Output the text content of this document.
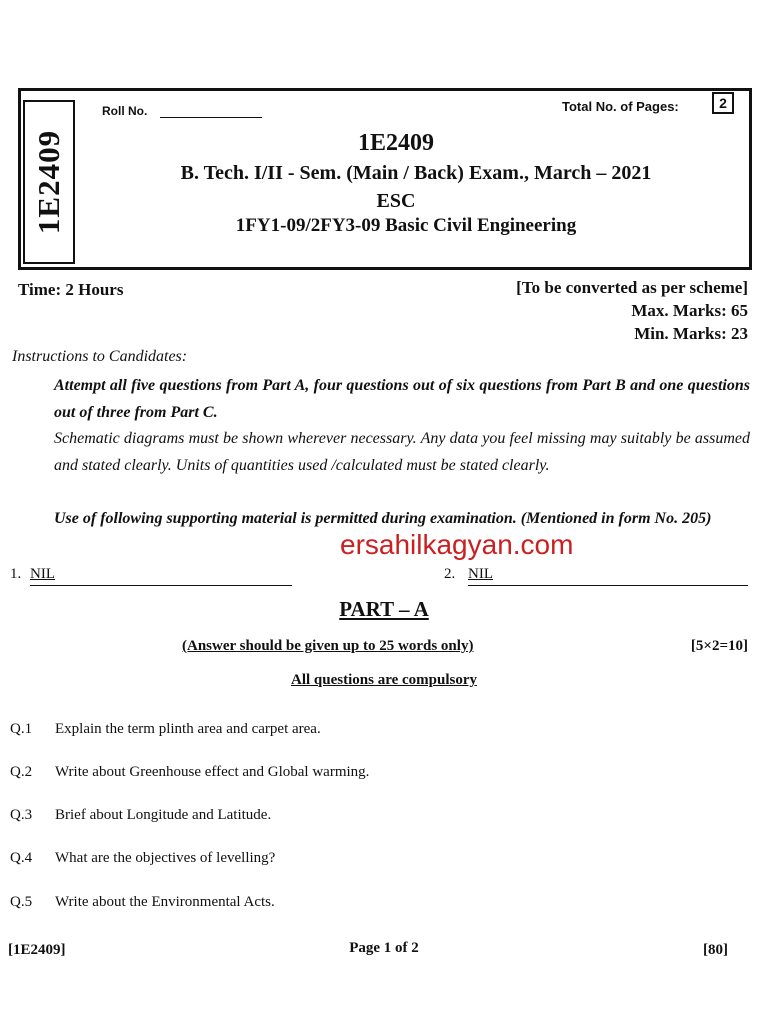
1E2409
Roll No.	Total No. of Pages:	2
1E2409
B. Tech. I/II - Sem. (Main / Back) Exam., March – 2021
ESC
1FY1-09/2FY3-09 Basic Civil Engineering
Time: 2 Hours	[To be converted as per scheme]
Max. Marks: 65
Min. Marks: 23
Instructions to Candidates:
Attempt all five questions from Part A, four questions out of six questions from Part B and one questions out of three from Part C.
Schematic diagrams must be shown wherever necessary. Any data you feel missing may suitably be assumed and stated clearly. Units of quantities used /calculated must be stated clearly.
Use of following supporting material is permitted during examination. (Mentioned in form No. 205)
ersahilkagyan.com
1. NIL	2. NIL
PART – A
(Answer should be given up to 25 words only)	[5×2=10]
All questions are compulsory
Q.1 Explain the term plinth area and carpet area.
Q.2 Write about Greenhouse effect and Global warming.
Q.3 Brief about Longitude and Latitude.
Q.4 What are the objectives of levelling?
Q.5 Write about the Environmental Acts.
[1E2409]	Page 1 of 2	[80]
